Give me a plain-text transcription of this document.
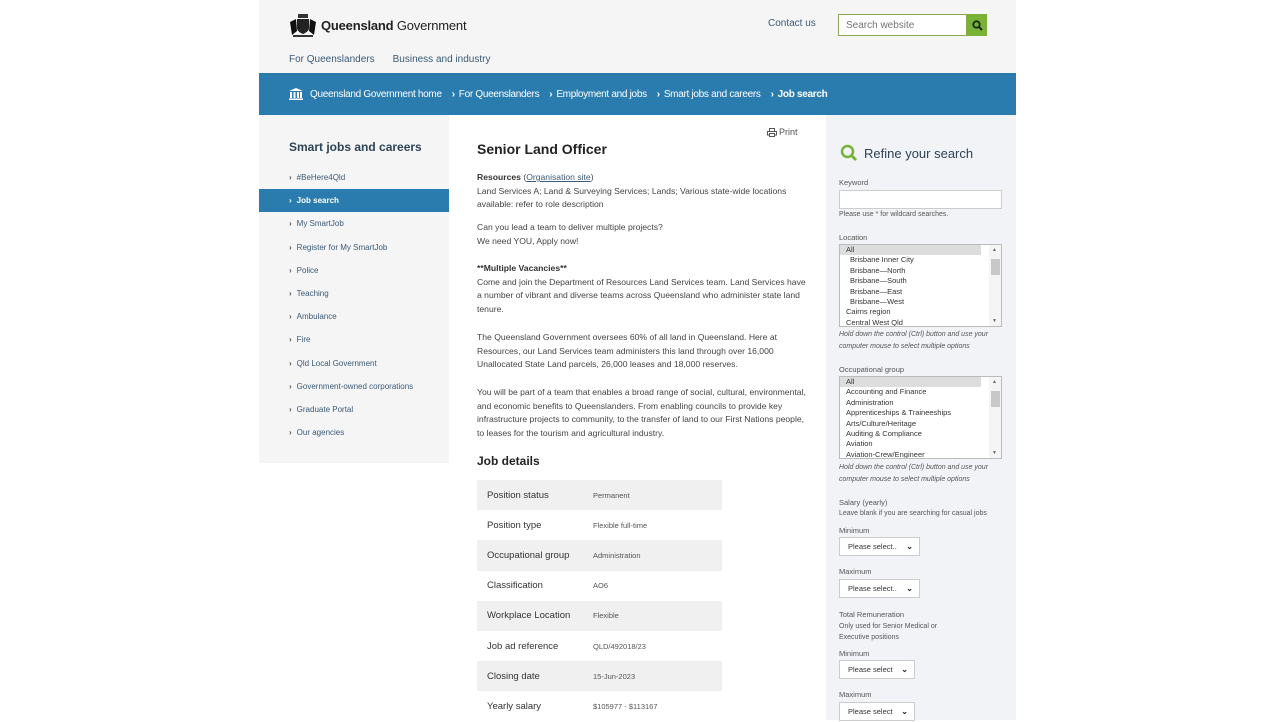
Queensland Government
For Queenslanders Business and industry
Contact us
Search website
Queensland Government home › For Queenslanders › Employment and jobs › Smart jobs and careers › Job search
Smart jobs and careers
› #BeHere4Qld
› Job search
› My SmartJob
› Register for My SmartJob
› Police
› Teaching
› Ambulance
› Fire
› Qld Local Government
› Government-owned corporations
› Graduate Portal
› Our agencies
Print
Senior Land Officer
Resources (Organisation site)
Land Services A; Land & Surveying Services; Lands; Various state-wide locations available: refer to role description
Can you lead a team to deliver multiple projects?
We need YOU, Apply now!
**Multiple Vacancies**
Come and join the Department of Resources Land Services team. Land Services have a number of vibrant and diverse teams across Queensland who administer state land tenure.
The Queensland Government oversees 60% of all land in Queensland. Here at Resources, our Land Services team administers this land through over 16,000 Unallocated State Land parcels, 26,000 leases and 18,000 reserves.
You will be part of a team that enables a broad range of social, cultural, environmental, and economic benefits to Queenslanders. From enabling councils to provide key infrastructure projects to community, to the transfer of land to our First Nations people, to leases for the tourism and agricultural industry.
Job details
Position status	Permanent
Position type	Flexible full-time
Occupational group	Administration
Classification	AO6
Workplace Location	Flexible
Job ad reference	QLD/492018/23
Closing date	15-Jun-2023
Yearly salary	$105977 - $113167
Refine your search
Keyword
Please use * for wildcard searches.
Location
All
Brisbane Inner City
Brisbane—North
Brisbane—South
Brisbane—East
Brisbane—West
Cairns region
Central West Qld
▲
▼
Hold down the control (Ctrl) button and use your computer mouse to select multiple options
Occupational group
All
Accounting and Finance
Administration
Apprenticeships & Traineeships
Arts/Culture/Heritage
Auditing & Compliance
Aviation
Aviation-Crew/Engineer
▲
▼
Hold down the control (Ctrl) button and use your computer mouse to select multiple options
Salary (yearly)
Leave blank if you are searching for casual jobs
Minimum
Please select.. ⌄
Maximum
Please select.. ⌄
Total Remuneration
Only used for Senior Medical or Executive positions
Minimum
Please select ⌄
Maximum
Please select ⌄
